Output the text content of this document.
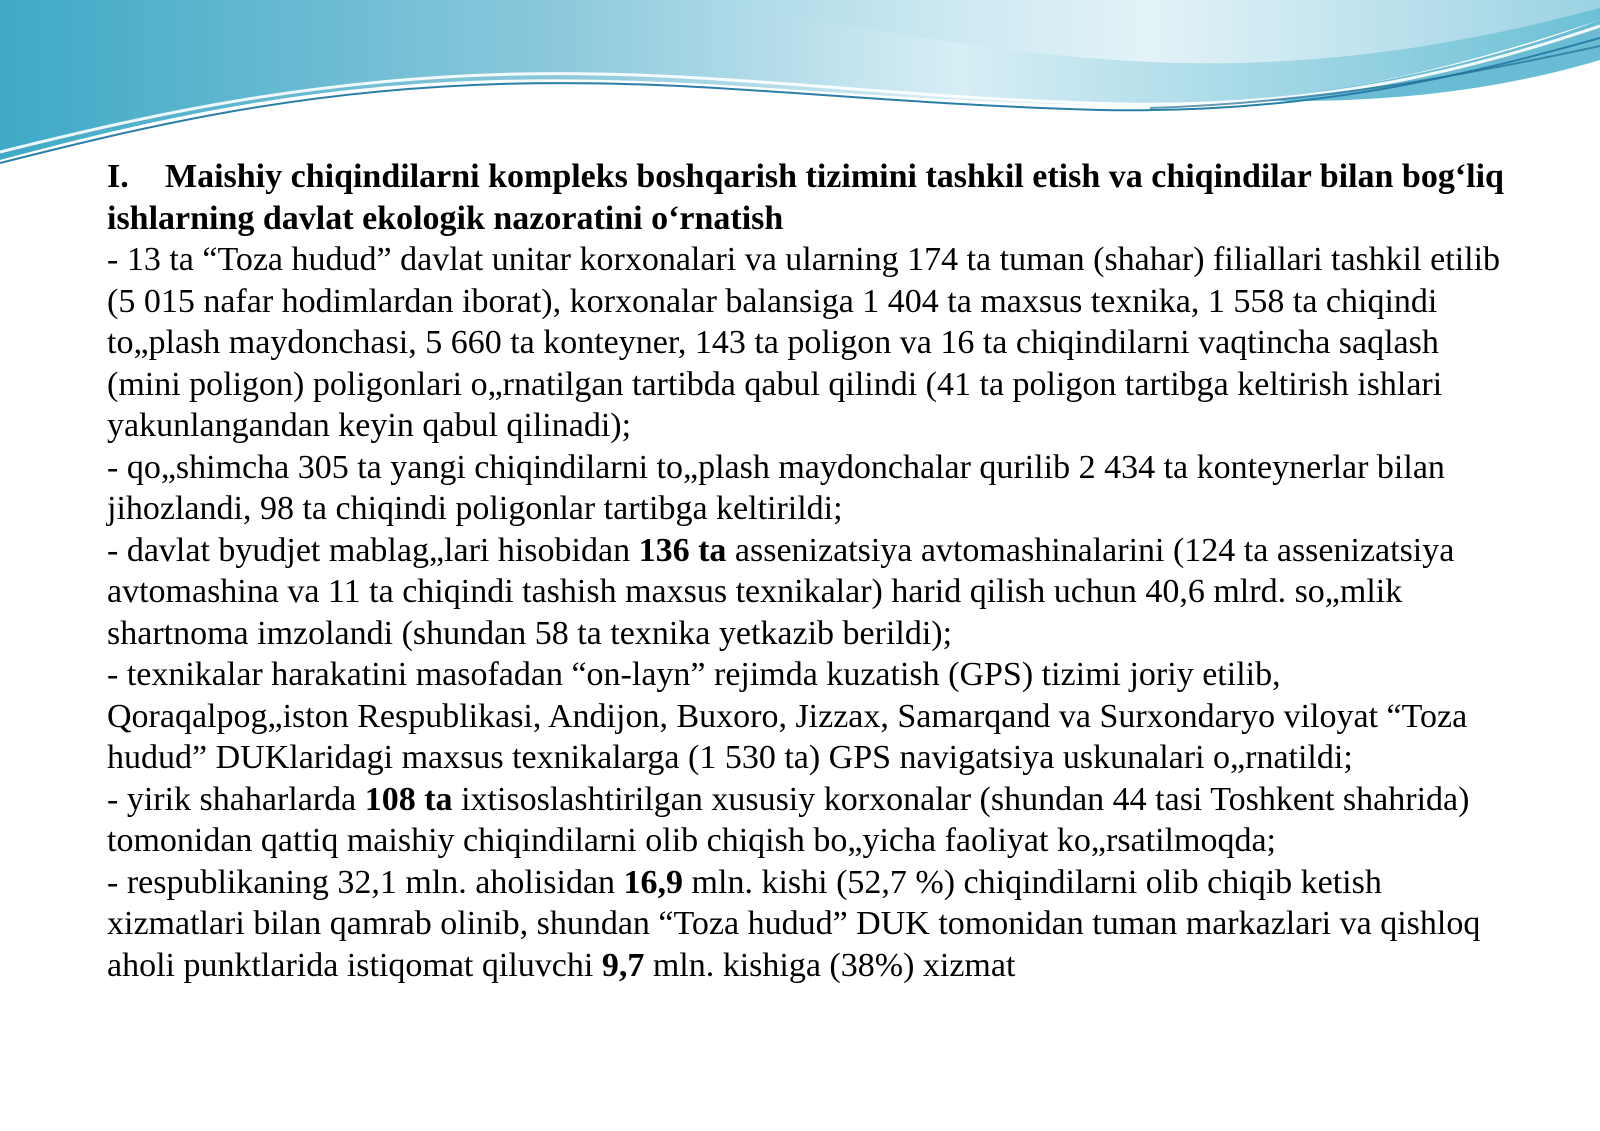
I. Maishiy chiqindilarni kompleks boshqarish tizimini tashkil etish va chiqindilar bilan bog‘liq ishlarning davlat ekologik nazoratini o‘rnatish

- 13 ta “Toza hudud” davlat unitar korxonalari va ularning 174 ta tuman (shahar) filiallari tashkil etilib (5 015 nafar hodimlardan iborat), korxonalar balansiga 1 404 ta maxsus texnika, 1 558 ta chiqindi to„plash maydonchasi, 5 660 ta konteyner, 143 ta poligon va 16 ta chiqindilarni vaqtincha saqlash (mini poligon) poligonlari o„rnatilgan tartibda qabul qilindi (41 ta poligon tartibga keltirish ishlari yakunlangandan keyin qabul qilinadi);

- qo„shimcha 305 ta yangi chiqindilarni to„plash maydonchalar qurilib 2 434 ta konteynerlar bilan jihozlandi, 98 ta chiqindi poligonlar tartibga keltirildi;

- davlat byudjet mablag„lari hisobidan 136 ta assenizatsiya avtomashinalarini (124 ta assenizatsiya avtomashina va 11 ta chiqindi tashish maxsus texnikalar) harid qilish uchun 40,6 mlrd. so„mlik shartnoma imzolandi (shundan 58 ta texnika yetkazib berildi);

- texnikalar harakatini masofadan “on-layn” rejimda kuzatish (GPS) tizimi joriy etilib, Qoraqalpog„iston Respublikasi, Andijon, Buxoro, Jizzax, Samarqand va Surxondaryo viloyat “Toza hudud” DUKlaridagi maxsus texnikalarga (1 530 ta) GPS navigatsiya uskunalari o„rnatildi;

- yirik shaharlarda 108 ta ixtisoslashtirilgan xususiy korxonalar (shundan 44 tasi Toshkent shahrida) tomonidan qattiq maishiy chiqindilarni olib chiqish bo„yicha faoliyat ko„rsatilmoqda;

- respublikaning 32,1 mln. aholisidan 16,9 mln. kishi (52,7 %) chiqindilarni olib chiqib ketish xizmatlari bilan qamrab olinib, shundan “Toza hudud” DUK tomonidan tuman markazlari va qishloq aholi punktlarida istiqomat qiluvchi 9,7 mln. kishiga (38%) xizmat
